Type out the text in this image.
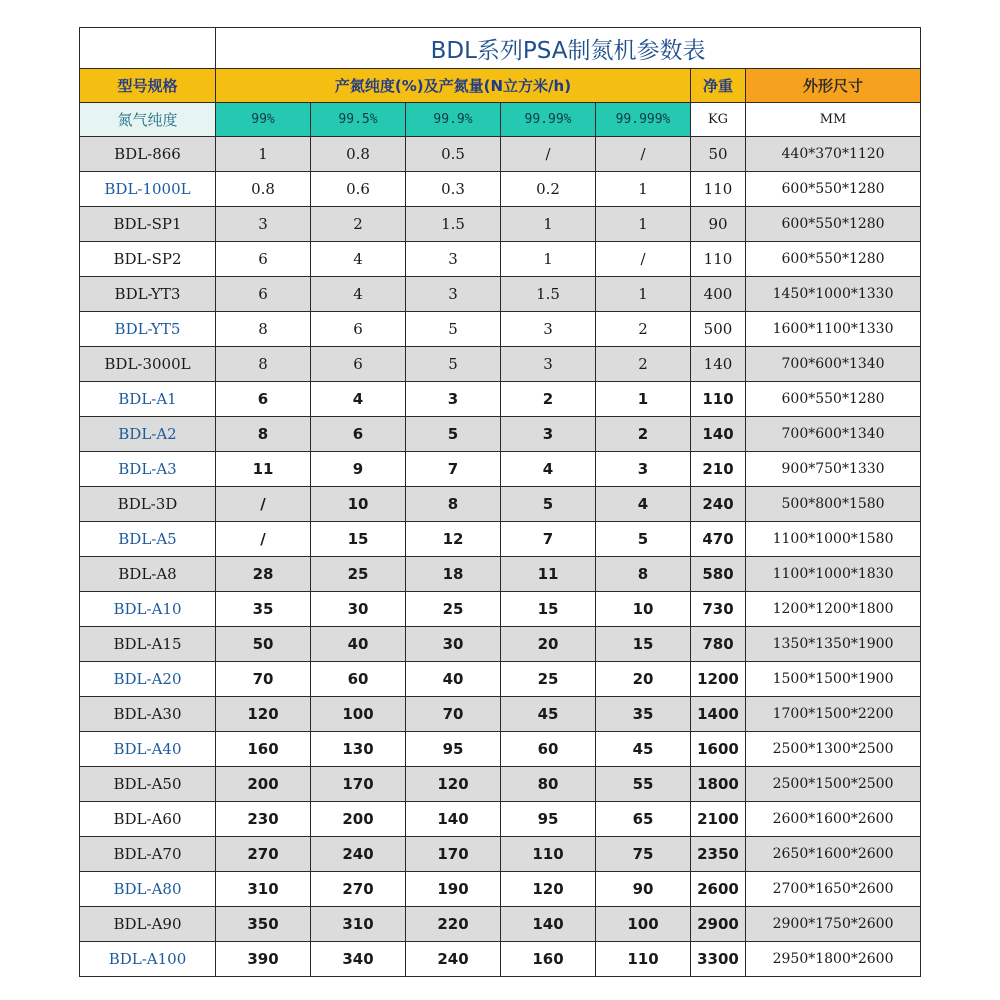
	BDL系列PSA制氮机参数表						
型号规格	产氮纯度(%)及产氮量(N立方米/h)					净重	外形尺寸
氮气纯度	99%	99.5%	99.9%	99.99%	99.999%	KG	MM
BDL-866	1	0.8	0.5	/	/	50	440*370*1120
BDL-1000L	0.8	0.6	0.3	0.2	1	110	600*550*1280
BDL-SP1	3	2	1.5	1	1	90	600*550*1280
BDL-SP2	6	4	3	1	/	110	600*550*1280
BDL-YT3	6	4	3	1.5	1	400	1450*1000*1330
BDL-YT5	8	6	5	3	2	500	1600*1100*1330
BDL-3000L	8	6	5	3	2	140	700*600*1340
BDL-A1	6	4	3	2	1	110	600*550*1280
BDL-A2	8	6	5	3	2	140	700*600*1340
BDL-A3	11	9	7	4	3	210	900*750*1330
BDL-3D	/	10	8	5	4	240	500*800*1580
BDL-A5	/	15	12	7	5	470	1100*1000*1580
BDL-A8	28	25	18	11	8	580	1100*1000*1830
BDL-A10	35	30	25	15	10	730	1200*1200*1800
BDL-A15	50	40	30	20	15	780	1350*1350*1900
BDL-A20	70	60	40	25	20	1200	1500*1500*1900
BDL-A30	120	100	70	45	35	1400	1700*1500*2200
BDL-A40	160	130	95	60	45	1600	2500*1300*2500
BDL-A50	200	170	120	80	55	1800	2500*1500*2500
BDL-A60	230	200	140	95	65	2100	2600*1600*2600
BDL-A70	270	240	170	110	75	2350	2650*1600*2600
BDL-A80	310	270	190	120	90	2600	2700*1650*2600
BDL-A90	350	310	220	140	100	2900	2900*1750*2600
BDL-A100	390	340	240	160	110	3300	2950*1800*2600
